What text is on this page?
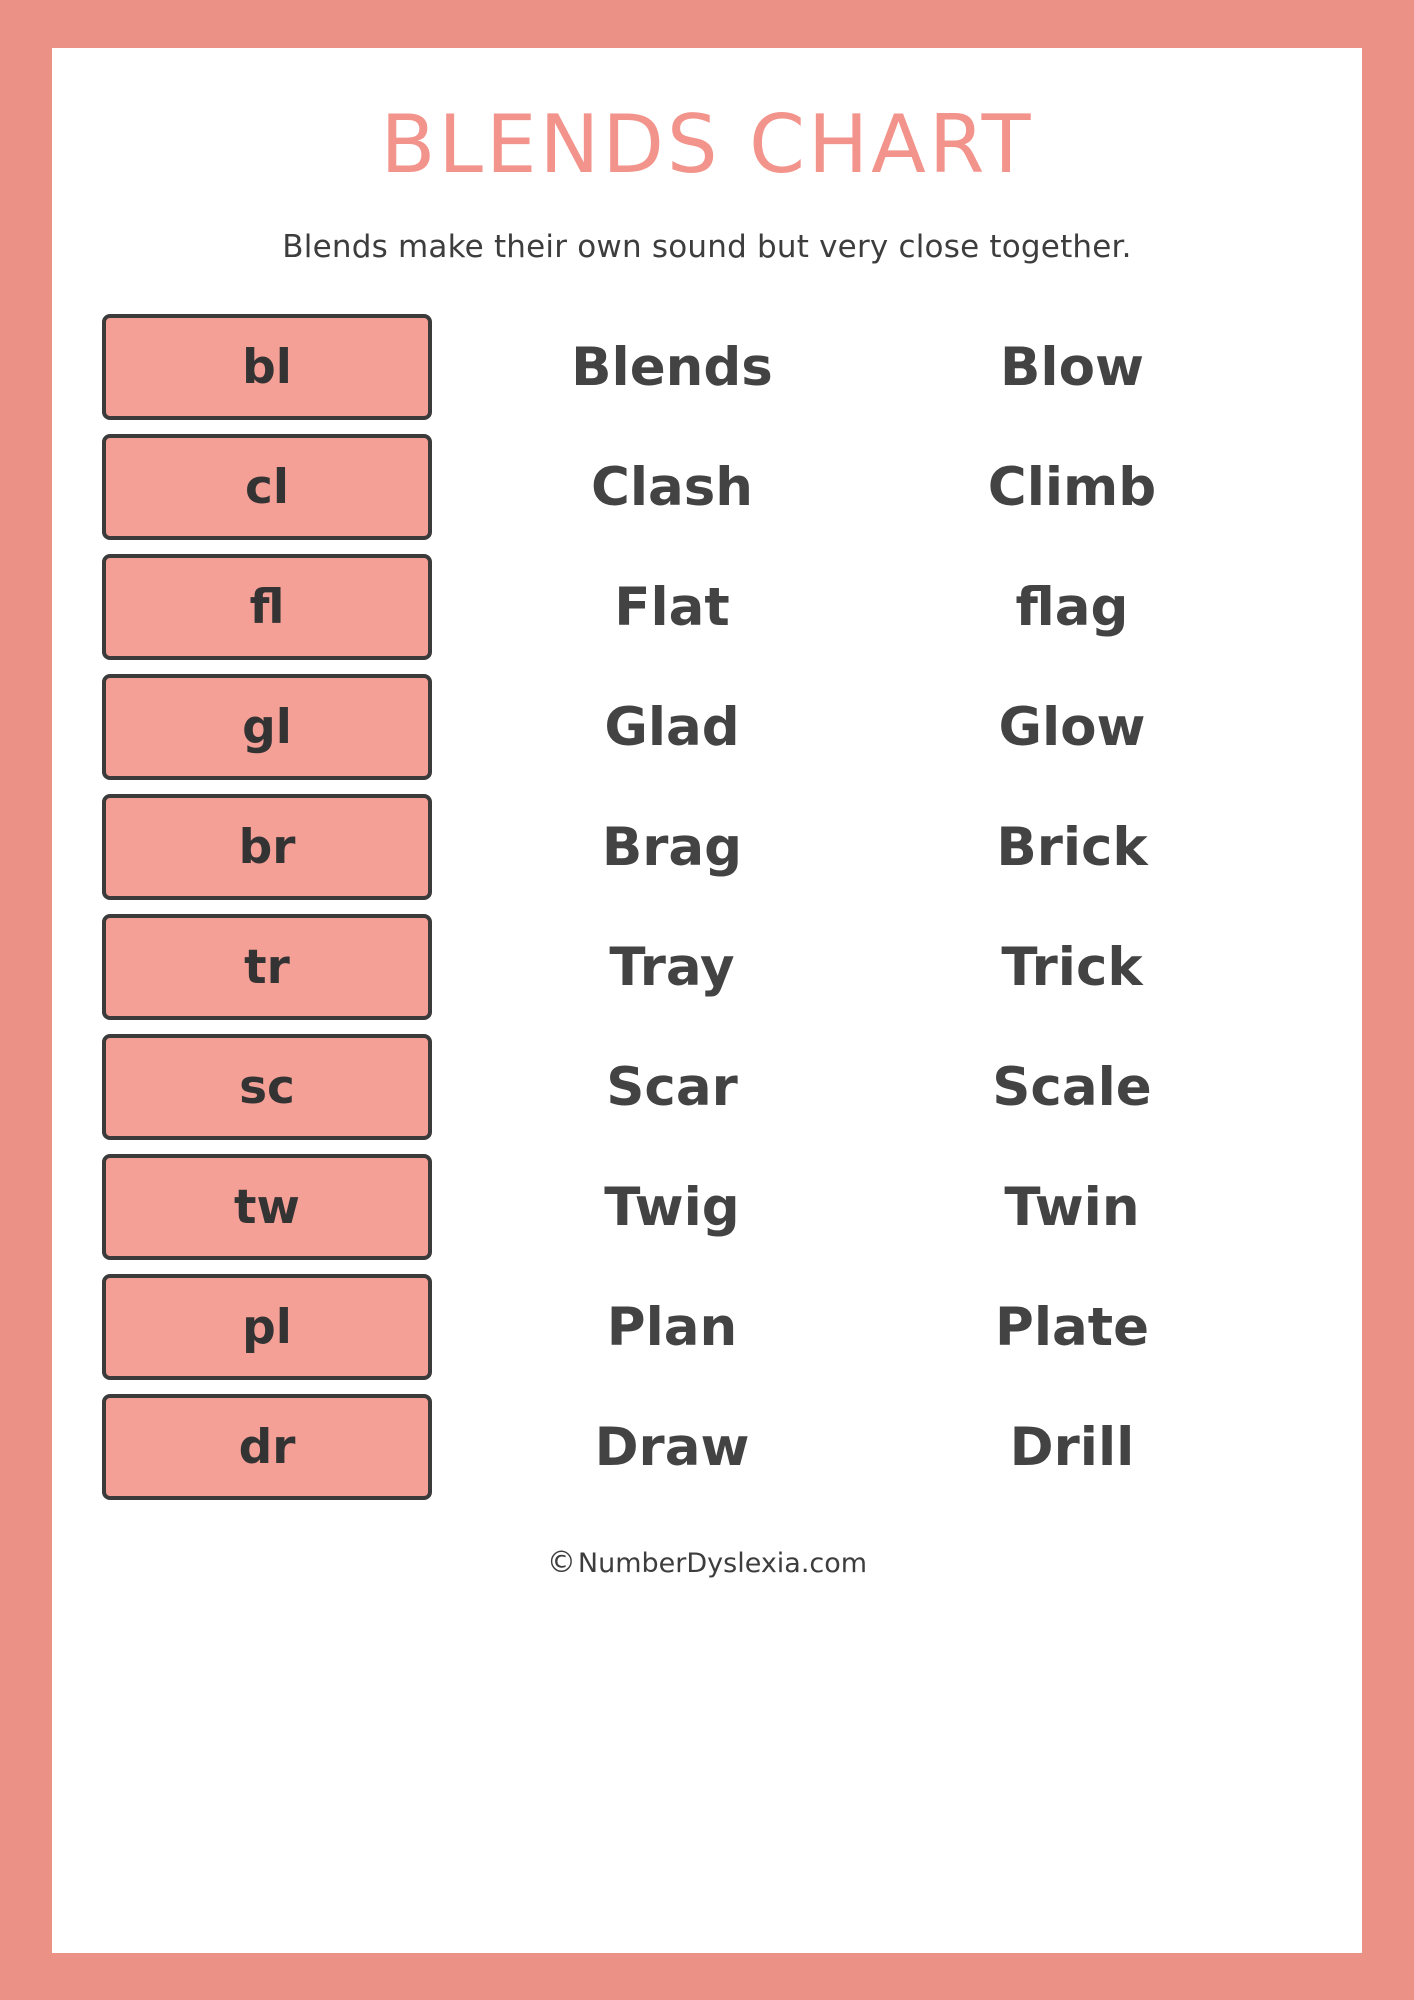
BLENDS CHART

Blends make their own sound but very close together.

bl	Blends	Blow
cl	Clash	Climb
fl	Flat	flag
gl	Glad	Glow
br	Brag	Brick
tr	Tray	Trick
sc	Scar	Scale
tw	Twig	Twin
pl	Plan	Plate
dr	Draw	Drill
©NumberDyslexia.com
